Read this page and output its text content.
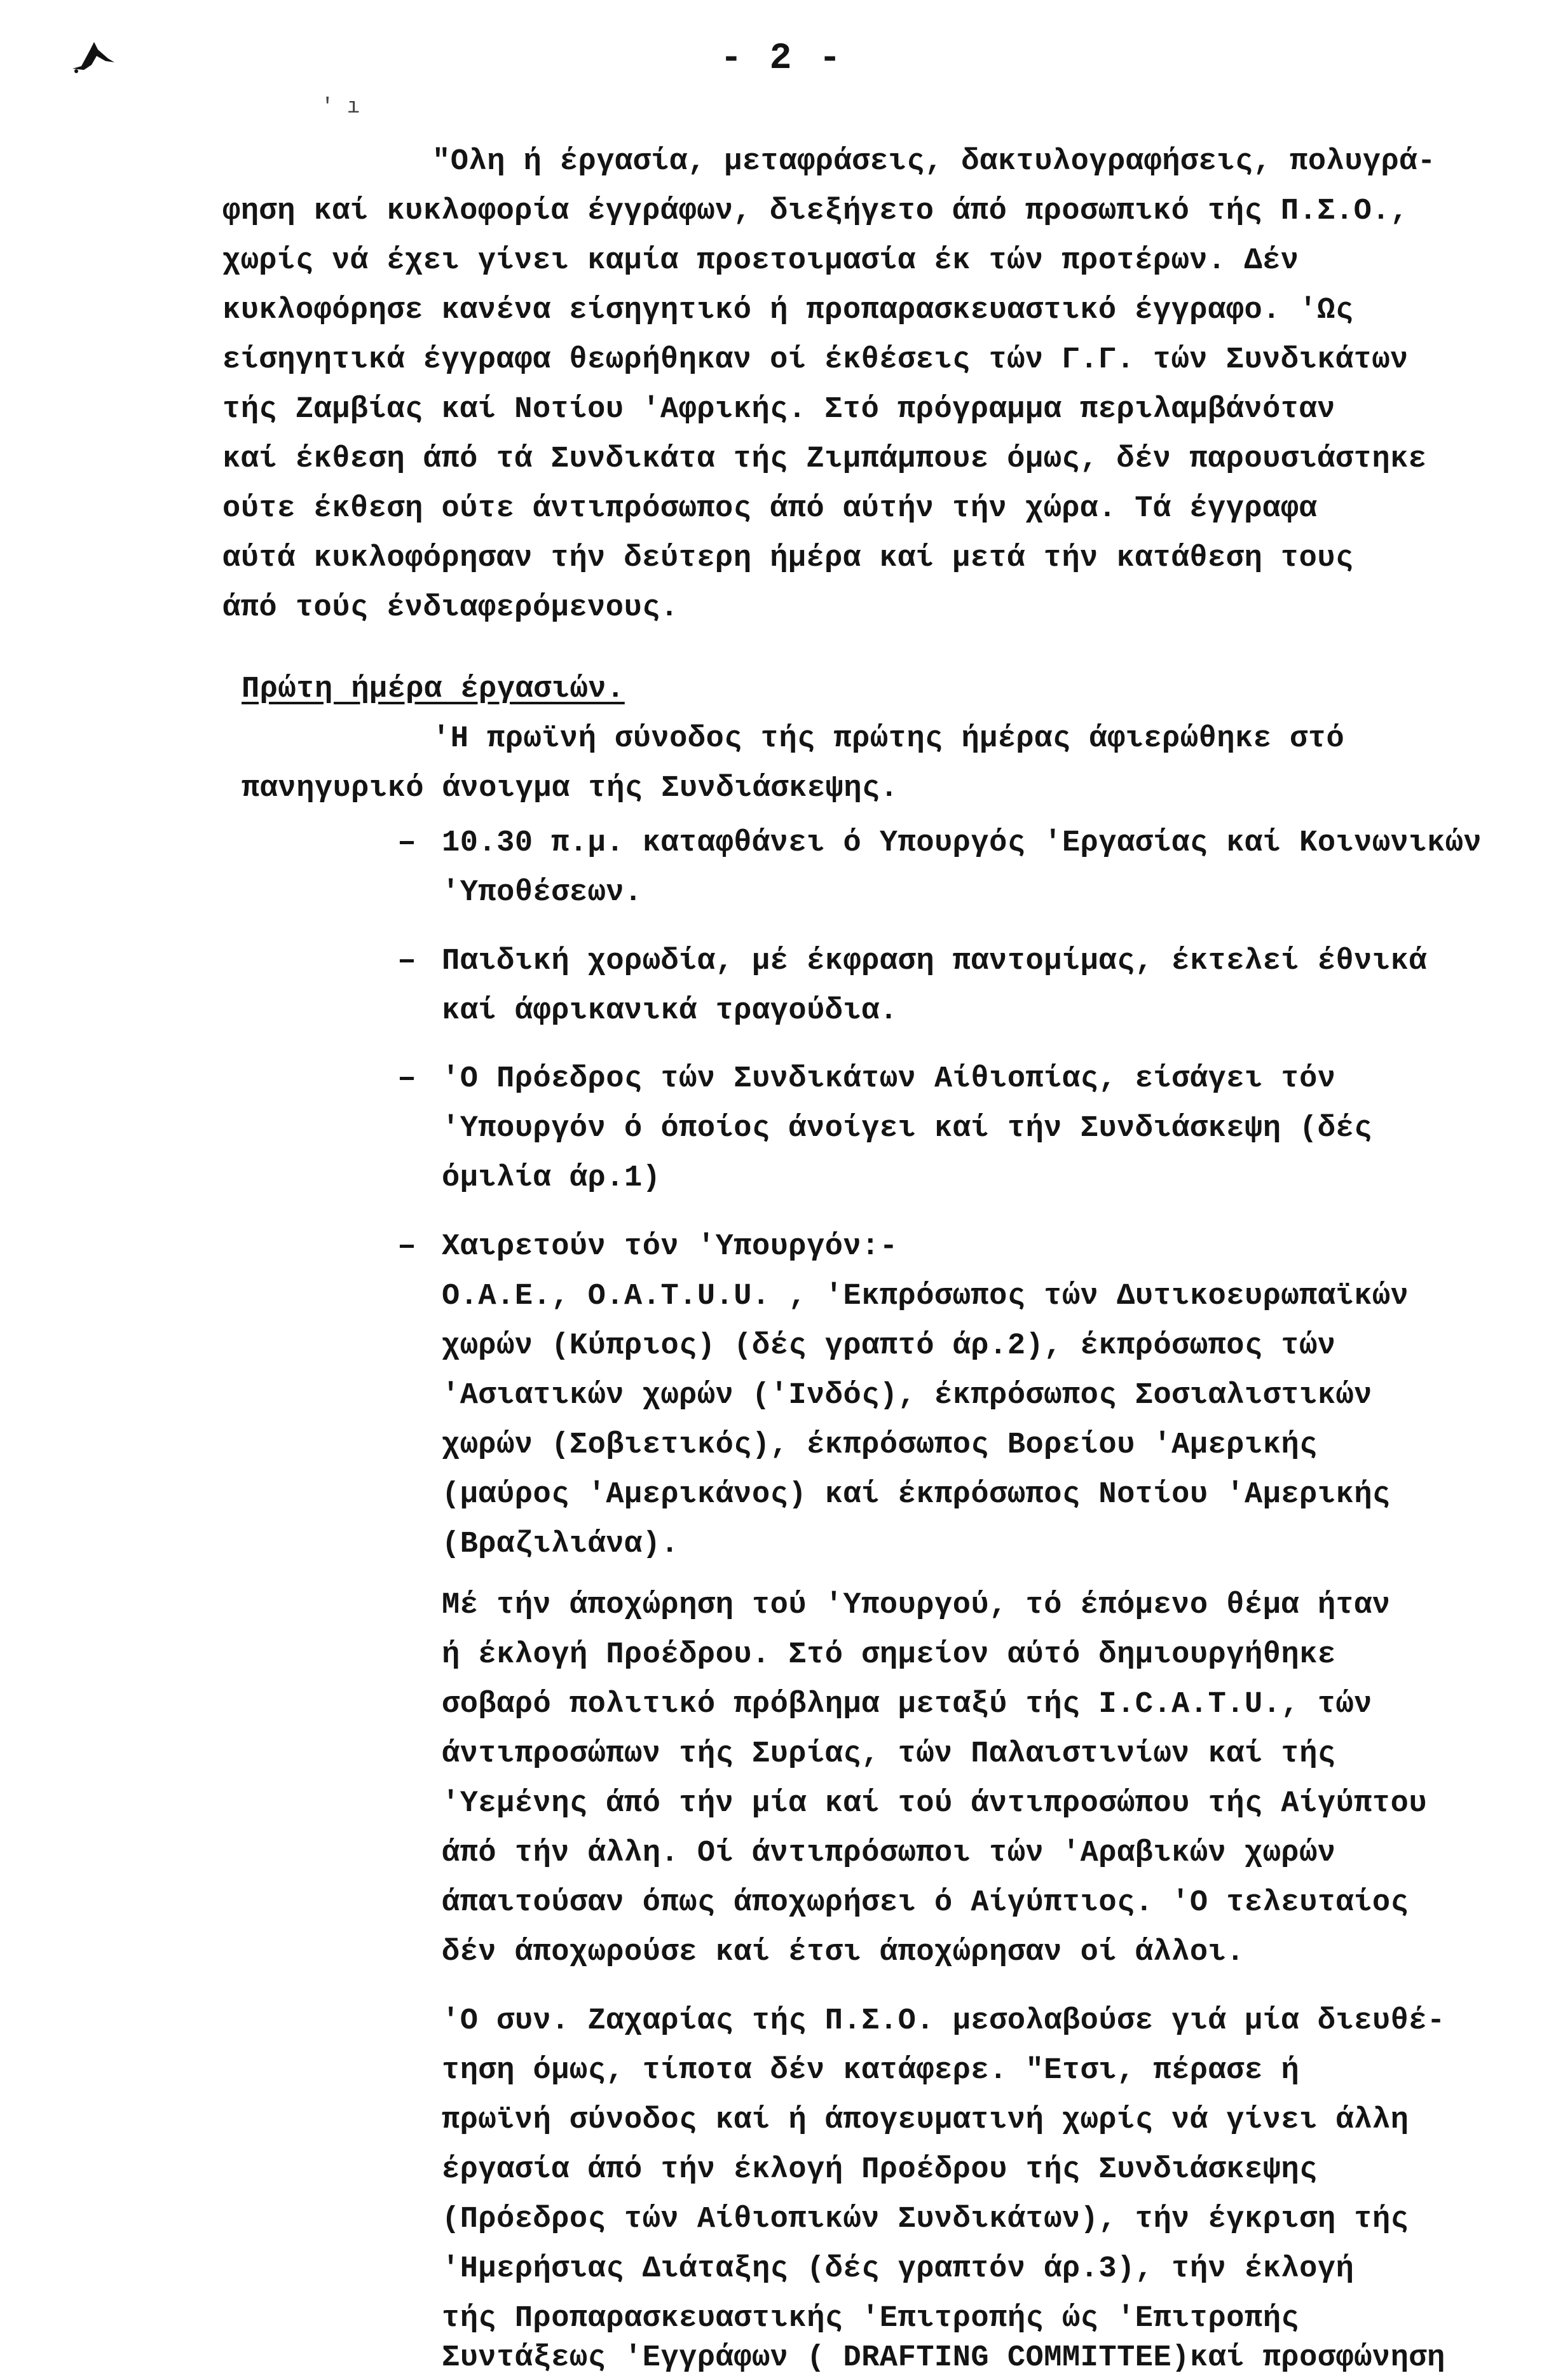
- 2 -
' ı
"Ολη ή έργασία, μεταφράσεις, δακτυλογραφήσεις, πολυγρά-
φηση καί κυκλοφορία έγγράφων, διεξήγετο άπό προσωπικό τής Π.Σ.Ο.,
χωρίς νά έχει γίνει καμία προετοιμασία έκ τών προτέρων. Δέν
κυκλοφόρησε κανένα είσηγητικό ή προπαρασκευαστικό έγγραφο. 'Ως
είσηγητικά έγγραφα θεωρήθηκαν οί έκθέσεις τών Γ.Γ. τών Συνδικάτων
τής Ζαμβίας καί Νοτίου 'Αφρικής. Στό πρόγραμμα περιλαμβάνόταν
καί έκθεση άπό τά Συνδικάτα τής Ζιμπάμπουε όμως, δέν παρουσιάστηκε
ούτε έκθεση ούτε άντιπρόσωπος άπό αύτήν τήν χώρα. Τά έγγραφα
αύτά κυκλοφόρησαν τήν δεύτερη ήμέρα καί μετά τήν κατάθεση τους
άπό τούς ένδιαφερόμενους.
Πρώτη ήμέρα έργασιών.
'Η πρωϊνή σύνοδος τής πρώτης ήμέρας άφιερώθηκε στό
πανηγυρικό άνοιγμα τής Συνδιάσκεψης.
– 10.30 π.μ. καταφθάνει ό Υπουργός 'Εργασίας καί Κοινωνικών
'Υποθέσεων.
– Παιδική χορωδία, μέ έκφραση παντομίμας, έκτελεί έθνικά
καί άφρικανικά τραγούδια.
– 'Ο Πρόεδρος τών Συνδικάτων Αίθιοπίας, είσάγει τόν
'Υπουργόν ό όποίος άνοίγει καί τήν Συνδιάσκεψη (δές
όμιλία άρ.1)
– Χαιρετούν τόν 'Υπουργόν:-
Ο.Α.Ε., Ο.Α.Τ.U.U. , 'Εκπρόσωπος τών Δυτικοευρωπαϊκών
χωρών (Κύπριος) (δές γραπτό άρ.2), έκπρόσωπος τών
'Ασιατικών χωρών ('Ινδός), έκπρόσωπος Σοσιαλιστικών
χωρών (Σοβιετικός), έκπρόσωπος Βορείου 'Αμερικής
(μαύρος 'Αμερικάνος) καί έκπρόσωπος Νοτίου 'Αμερικής
(Βραζιλιάνα).
Μέ τήν άποχώρηση τού 'Υπουργού, τό έπόμενο θέμα ήταν
ή έκλογή Προέδρου. Στό σημείον αύτό δημιουργήθηκε
σοβαρό πολιτικό πρόβλημα μεταξύ τής I.C.A.T.U., τών
άντιπροσώπων τής Συρίας, τών Παλαιστινίων καί τής
'Υεμένης άπό τήν μία καί τού άντιπροσώπου τής Αίγύπτου
άπό τήν άλλη. Οί άντιπρόσωποι τών 'Αραβικών χωρών
άπαιτούσαν όπως άποχωρήσει ό Αίγύπτιος. 'Ο τελευταίος
δέν άποχωρούσε καί έτσι άποχώρησαν οί άλλοι.
'Ο συν. Ζαχαρίας τής Π.Σ.Ο. μεσολαβούσε γιά μία διευθέ-
τηση όμως, τίποτα δέν κατάφερε. "Ετσι, πέρασε ή
πρωϊνή σύνοδος καί ή άπογευματινή χωρίς νά γίνει άλλη
έργασία άπό τήν έκλογή Προέδρου τής Συνδιάσκεψης
(Πρόεδρος τών Αίθιοπικών Συνδικάτων), τήν έγκριση τής
'Ημερήσιας Διάταξης (δές γραπτόν άρ.3), τήν έκλογή
τής Προπαρασκευαστικής 'Επιτροπής ώς 'Επιτροπής
Συντάξεως 'Εγγράφων ( DRAFTING COMMITTEE)καί προσφώνηση
